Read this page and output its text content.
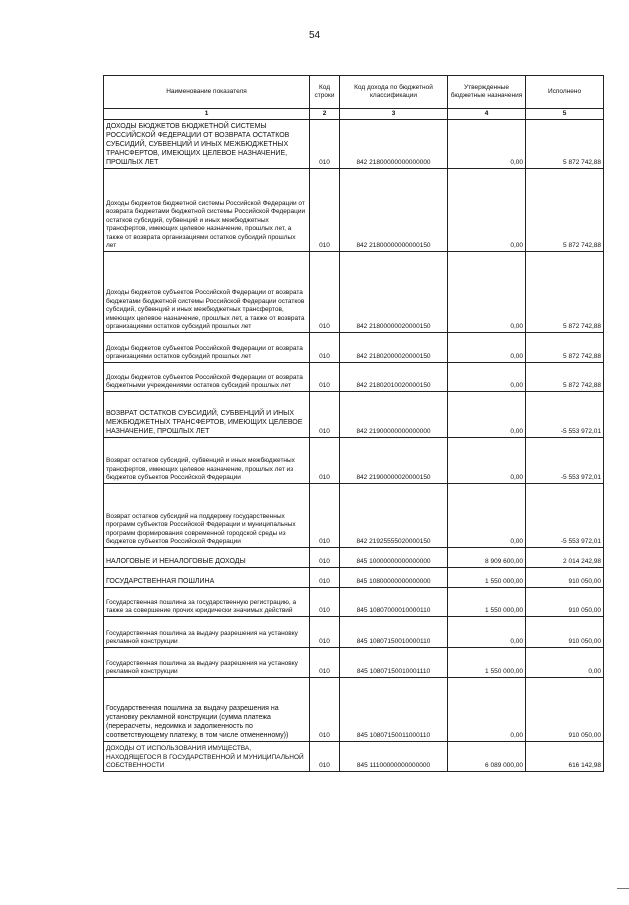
54
Наименование показателя	Код строки	Код дохода по бюджетной классификации	Утвержденные бюджетные назначения	Исполнено
1	2	3	4	5
ДОХОДЫ БЮДЖЕТОВ БЮДЖЕТНОЙ СИСТЕМЫ РОССИЙСКОЙ ФЕДЕРАЦИИ ОТ ВОЗВРАТА ОСТАТКОВ СУБСИДИЙ, СУБВЕНЦИЙ И ИНЫХ МЕЖБЮДЖЕТНЫХ ТРАНСФЕРТОВ, ИМЕЮЩИХ ЦЕЛЕВОЕ НАЗНАЧЕНИЕ, ПРОШЛЫХ ЛЕТ	010	842 21800000000000000	0,00	5 872 742,88
Доходы бюджетов бюджетной системы Российской Федерации от возврата бюджетами бюджетной системы Российской Федерации остатков субсидий, субвенций и иных межбюджетных трансфертов, имеющих целевое назначение, прошлых лет, а также от возврата организациями остатков субсидий прошлых лет	010	842 21800000000000150	0,00	5 872 742,88
Доходы бюджетов субъектов Российской Федерации от возврата бюджетами бюджетной системы Российской Федерации остатков субсидий, субвенций и иных межбюджетных трансфертов, имеющих целевое назначение, прошлых лет, а также от возврата организациями остатков субсидий прошлых лет	010	842 21800000020000150	0,00	5 872 742,88
Доходы бюджетов субъектов Российской Федерации от возврата организациями остатков субсидий прошлых лет	010	842 21802000020000150	0,00	5 872 742,88
Доходы бюджетов субъектов Российской Федерации от возврата бюджетными учреждениями остатков субсидий прошлых лет	010	842 21802010020000150	0,00	5 872 742,88
ВОЗВРАТ ОСТАТКОВ СУБСИДИЙ, СУБВЕНЦИЙ И ИНЫХ МЕЖБЮДЖЕТНЫХ ТРАНСФЕРТОВ, ИМЕЮЩИХ ЦЕЛЕВОЕ НАЗНАЧЕНИЕ, ПРОШЛЫХ ЛЕТ	010	842 21900000000000000	0,00	-5 553 972,01
Возврат остатков субсидий, субвенций и иных межбюджетных трансфертов, имеющих целевое назначение, прошлых лет из бюджетов субъектов Российской Федерации	010	842 21900000020000150	0,00	-5 553 972,01
Возврат остатков субсидий на поддержку государственных программ субъектов Российской Федерации и муниципальных программ формирования современной городской среды из бюджетов субъектов Российской Федерации	010	842 21925555020000150	0,00	-5 553 972,01
НАЛОГОВЫЕ И НЕНАЛОГОВЫЕ ДОХОДЫ	010	845 10000000000000000	8 909 600,00	2 014 242,98
ГОСУДАРСТВЕННАЯ ПОШЛИНА	010	845 10800000000000000	1 550 000,00	910 050,00
Государственная пошлина за государственную регистрацию, а также за совершение прочих юридически значимых действий	010	845 10807000010000110	1 550 000,00	910 050,00
Государственная пошлина за выдачу разрешения на установку рекламной конструкции	010	845 10807150010000110	0,00	910 050,00
Государственная пошлина за выдачу разрешения на установку рекламной конструкции	010	845 10807150010001110	1 550 000,00	0,00
Государственная пошлина за выдачу разрешения на установку рекламной конструкции (сумма платежа (перерасчеты, недоимка и задолженность по соответствующему платежу, в том числе отмененному))	010	845 10807150011000110	0,00	910 050,00
ДОХОДЫ ОТ ИСПОЛЬЗОВАНИЯ ИМУЩЕСТВА, НАХОДЯЩЕГОСЯ В ГОСУДАРСТВЕННОЙ И МУНИЦИПАЛЬНОЙ СОБСТВЕННОСТИ	010	845 11100000000000000	6 089 000,00	616 142,98
